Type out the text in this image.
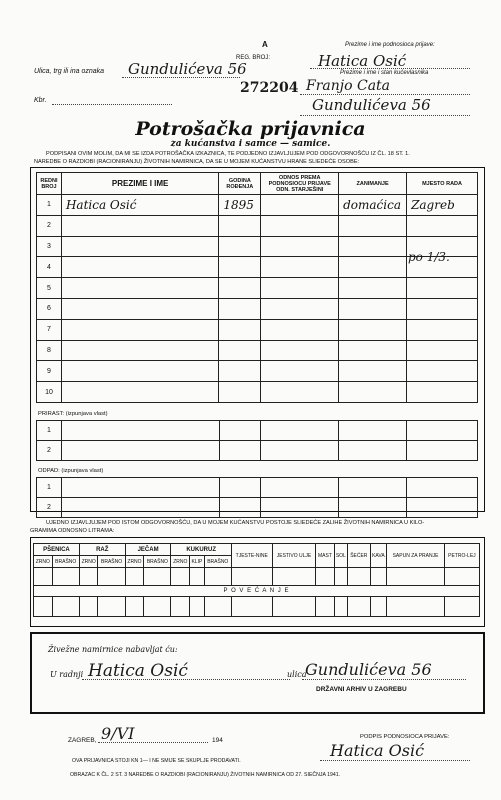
A
REG. BROJ:
272204
Prezime i ime podnosioca prijave:
Hatica Osić
Prezime i ime i stan kućevlasnika
Franjo Cata
Gundulićeva 56
Ulica, trg ili ina oznaka Gundulićeva 56
Kbr.
Potrošačka prijavnica
za kućanstva i samce — samice.
PODPISANI OVIM MOLIM, DA MI SE IZDA POTROŠAČKA IZKAZNICA, TE PODJEDNO IZJAVLJUJEM POD ODGOVORNOŠĆU IZ ČL. 18 ST. 1.
NAREDBE O RAZDIOBI (RACIONIRANJU) ŽIVOTNIH NAMIRNICA, DA SE U MOJEM KUĆANSTVU HRANE SLIEDEĆE OSOBE:
REDNI BROJ	PREZIME I IME	GODINA ROĐENJA	ODNOS PREMA PODNOSIOCU PRIJAVE ODN. STARJEŠINI	ZANIMANJE	MJESTO RADA
1	Hatica Osić	1895		domaćica	Zagreb
2					
3					
4					
5					
6					
7					
8					
9					
10					
po 1/3.
PRIRAST: (izpunjava vlast)
1					
2					
ODPAD: (izpunjava vlast)
1					
2					
UJEDNO IZJAVLJUJEM POD ISTOM ODGOVORNOŠĆU, DA U MOJEM KUĆANSTVU POSTOJE SLIEDEĆE ZALIHE ŽIVOTNIH NAMIRNICA U KILO-
GRAMIMA ODNOSNO LITRAMA:
PŠENICA		RAŽ		JEČAM		KUKURUZ			TJESTE-NINE	JESTIVO ULJE	MAST	SOL	ŠEĆER	KAVA	SAPUN ZA PRANJE	PETRO-LEJ
ZRNO	BRAŠNO	ZRNO	BRAŠNO	ZRNO	BRAŠNO	ZRNO	KLIP	BRAŠNO								

P O V E Ć A N J E																

Živežne namirnice nabavljat ću:
U radnji Hatica Osić	ulica
Gundulićeva 56
DRŽAVNI ARHIV U ZAGREBU
ZAGREB, 9/VI	194	PODPIS PODNOSIOCA PRIJAVE:
Hatica Osić
OVA PRIJAVNICA STOJI KN 1— I NE SMIJE SE SKUPLJE PRODAVATI.
OBRAZAC K ČL. 2 ST. 3 NAREDBE O RAZDIOBI (RACIONIRANJU) ŽIVOTNIH NAMIRNICA OD 27. SIEČNJA 1941.
